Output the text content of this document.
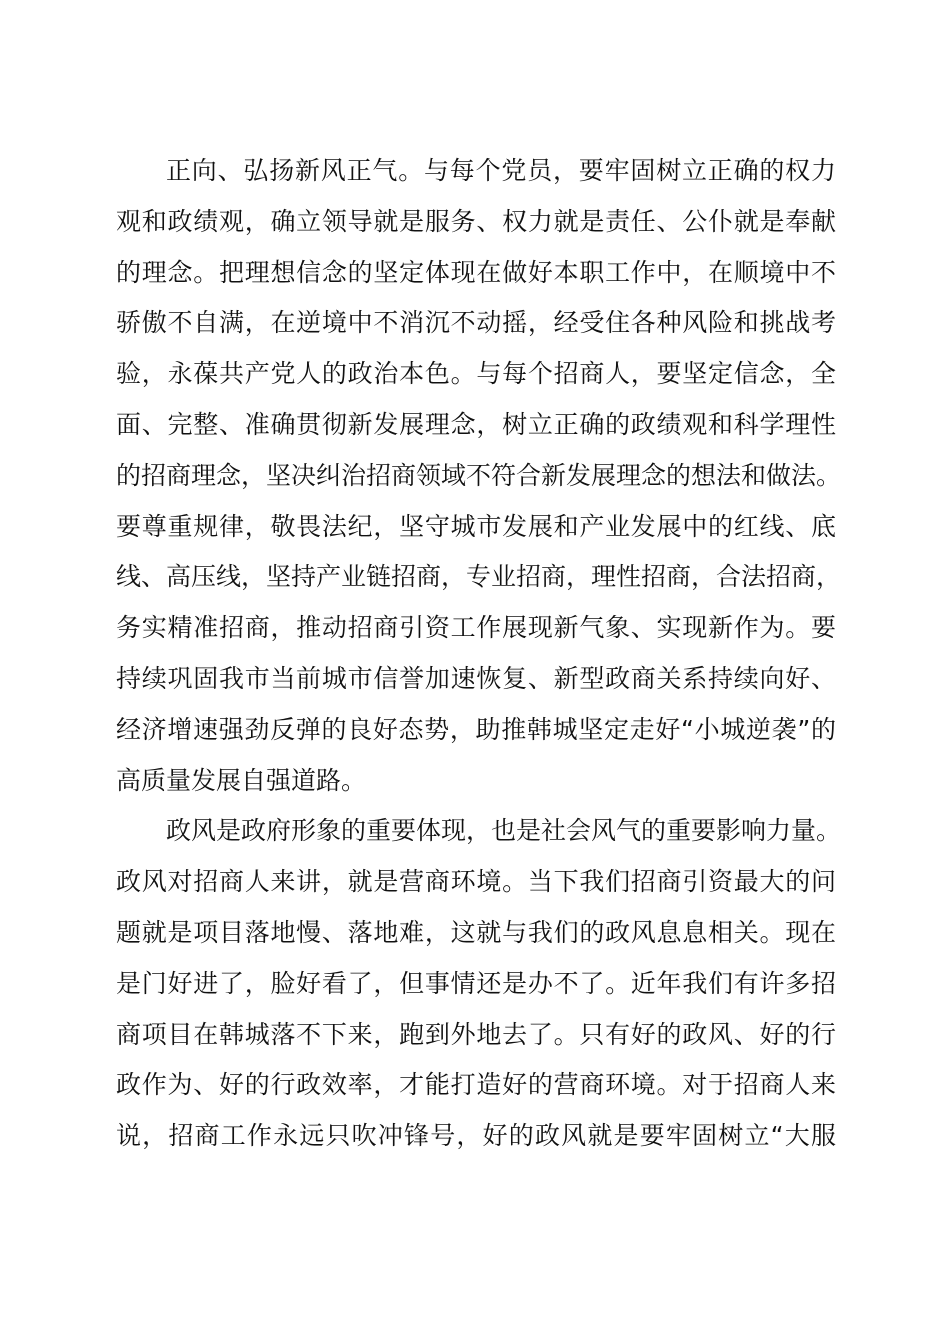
正向、弘扬新风正气。与每个党员，要牢固树立正确的权力
观和政绩观，确立领导就是服务、权力就是责任、公仆就是奉献
的理念。把理想信念的坚定体现在做好本职工作中，在顺境中不
骄傲不自满，在逆境中不消沉不动摇，经受住各种风险和挑战考
验，永葆共产党人的政治本色。与每个招商人，要坚定信念，全
面、完整、准确贯彻新发展理念，树立正确的政绩观和科学理性
的招商理念，坚决纠治招商领域不符合新发展理念的想法和做法。
要尊重规律，敬畏法纪，坚守城市发展和产业发展中的红线、底
线、高压线，坚持产业链招商，专业招商，理性招商，合法招商，
务实精准招商，推动招商引资工作展现新气象、实现新作为。要
持续巩固我市当前城市信誉加速恢复、新型政商关系持续向好、
经济增速强劲反弹的良好态势，助推韩城坚定走好“小城逆袭”的
高质量发展自强道路。
政风是政府形象的重要体现，也是社会风气的重要影响力量。
政风对招商人来讲，就是营商环境。当下我们招商引资最大的问
题就是项目落地慢、落地难，这就与我们的政风息息相关。现在
是门好进了，脸好看了，但事情还是办不了。近年我们有许多招
商项目在韩城落不下来，跑到外地去了。只有好的政风、好的行
政作为、好的行政效率，才能打造好的营商环境。对于招商人来
说，招商工作永远只吹冲锋号，好的政风就是要牢固树立“大服
